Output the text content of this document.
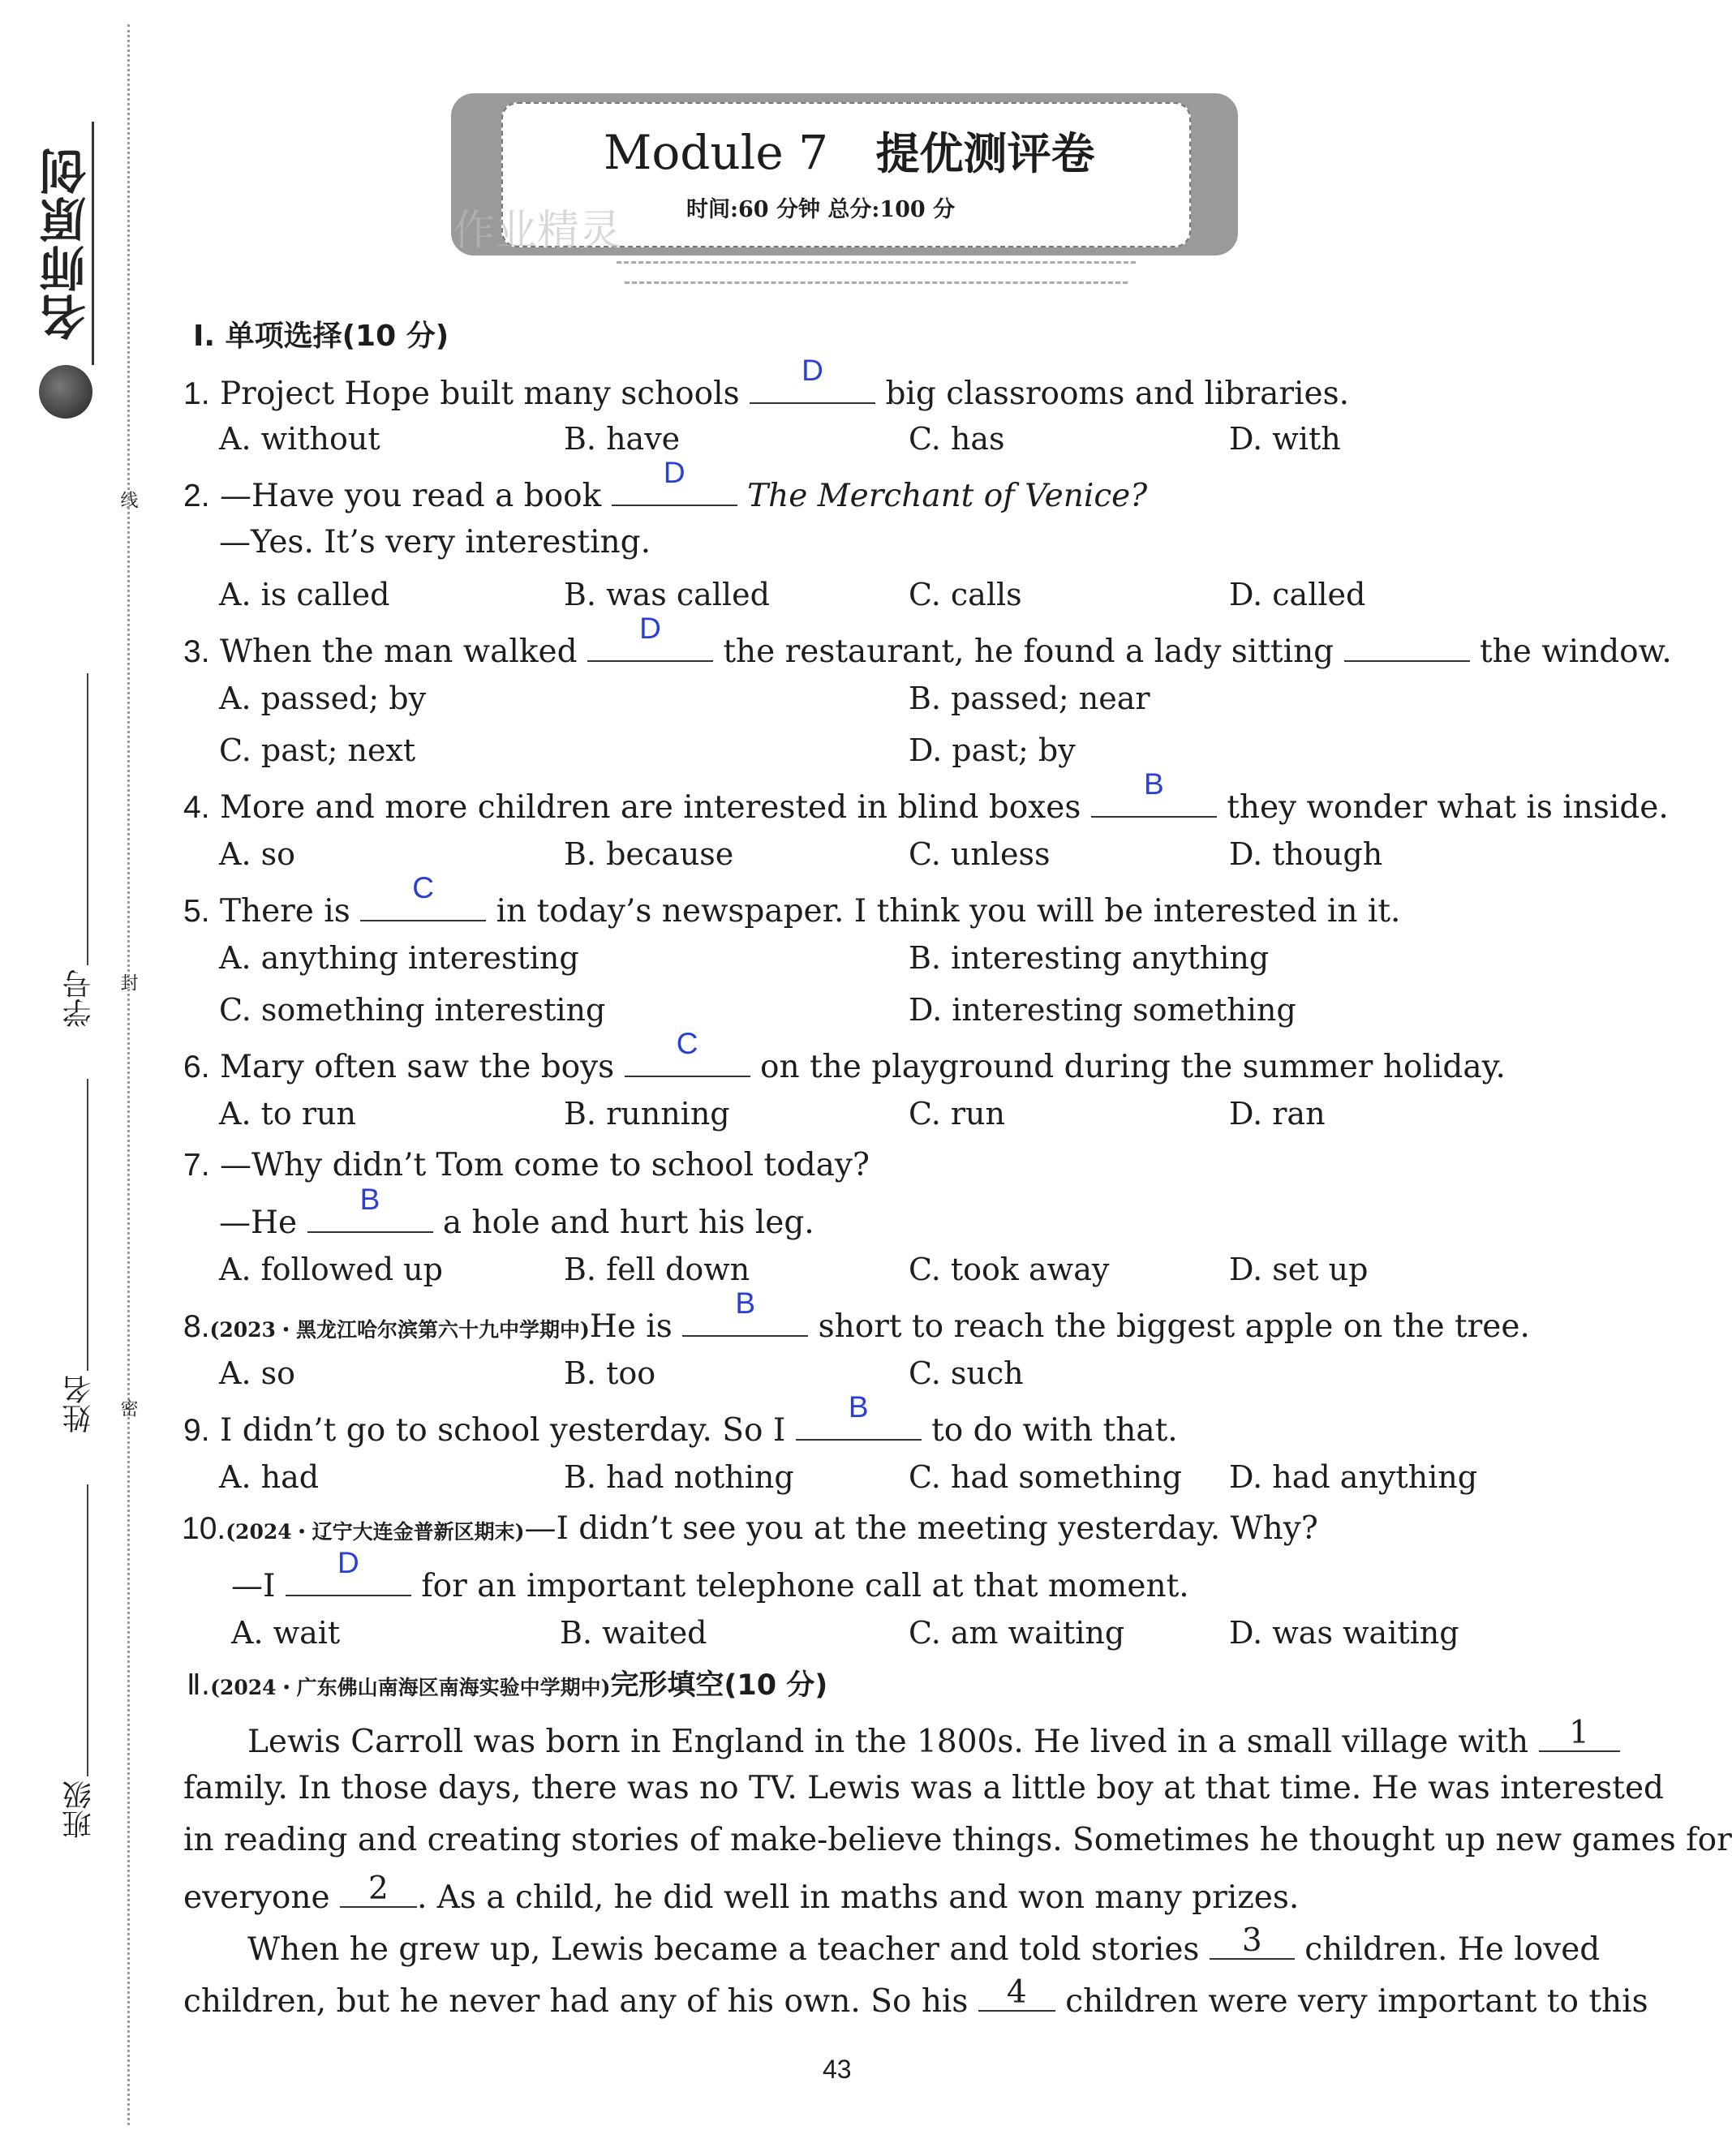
名师原创
线
封
密
学号
姓名
班级
Module 7 提优测评卷
时间:60 分钟 总分:100 分
作业精灵
Ⅰ. 单项选择(10 分)
1. Project Hope built many schools
D
big classrooms and libraries.
A. without	B. have	C. has	D. with
2. —Have you read a book
D
The Merchant of Venice?
—Yes. It’s very interesting.
A. is called	B. was called	C. calls	D. called
3. When the man walked
D
the restaurant, he found a lady sitting	the window.
A. passed; by	B. passed; near
C. past; next	D. past; by
4. More and more children are interested in blind boxes
B
they wonder what is inside.
A. so	B. because	C. unless	D. though
5. There is
C
in today’s newspaper. I think you will be interested in it.
A. anything interesting	B. interesting anything
C. something interesting	D. interesting something
6. Mary often saw the boys
C
on the playground during the summer holiday.
A. to run	B. running	C. run	D. ran
7. —Why didn’t Tom come to school today?
—He
B
a hole and hurt his leg.
A. followed up	B. fell down	C. took away	D. set up
8.(2023・黑龙江哈尔滨第六十九中学期中)He is
B
short to reach the biggest apple on the tree.
A. so	B. too	C. such
9. I didn’t go to school yesterday. So I
B
to do with that.
A. had	B. had nothing	C. had something D. had anything
10.(2024・辽宁大连金普新区期末)—I didn’t see you at the meeting yesterday. Why?
—I
D
for an important telephone call at that moment.
A. wait	B. waited	C. am waiting	D. was waiting
Ⅱ.(2024・广东佛山南海区南海实验中学期中)完形填空(10 分)
Lewis Carroll was born in England in the 1800s. He lived in a small village with	1
family. In those days, there was no TV. Lewis was a little boy at that time. He was interested
in reading and creating stories of make-believe things. Sometimes he thought up new games for
everyone	2 . As a child, he did well in maths and won many prizes.
When he grew up, Lewis became a teacher and told stories	3	children. He loved
children, but he never had any of his own. So his	4	children were very important to this
43
